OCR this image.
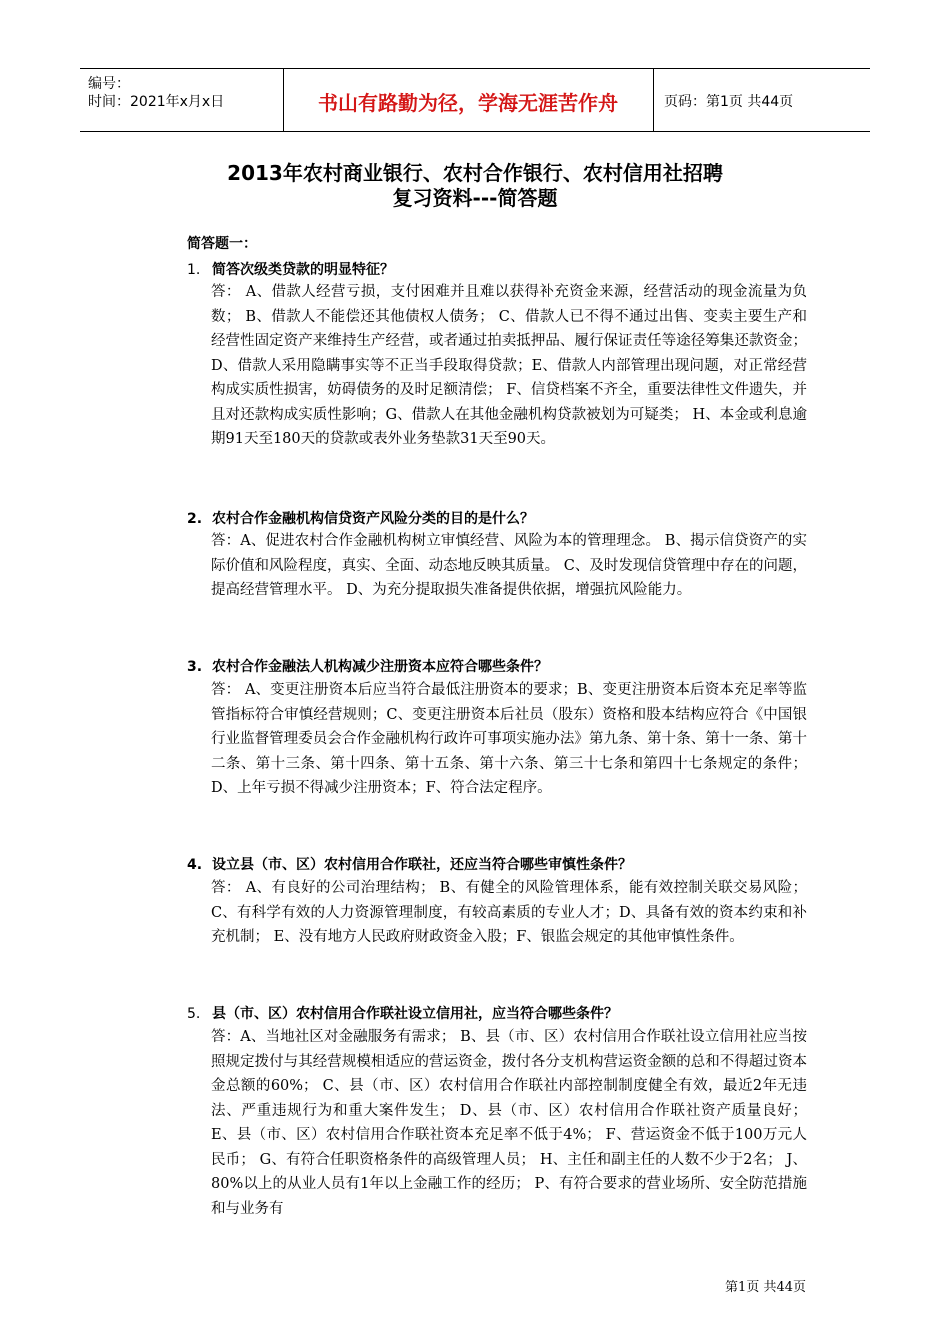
编号：
时间：2021年x月x日	书山有路勤为径，学海无涯苦作舟	页码：第1页 共44页
2013年农村商业银行、农村合作银行、农村信用社招聘
复习资料---简答题
简答题一：
1. 简答次级类贷款的明显特征？
答： A、借款人经营亏损，支付困难并且难以获得补充资金来源，经营活动的现金流量为负数； B、借款人不能偿还其他债权人债务； C、借款人已不得不通过出售、变卖主要生产和经营性固定资产来维持生产经营，或者通过拍卖抵押品、履行保证责任等途径筹集还款资金；D、借款人采用隐瞒事实等不正当手段取得贷款；E、借款人内部管理出现问题，对正常经营构成实质性损害，妨碍债务的及时足额清偿； F、信贷档案不齐全，重要法律性文件遗失，并且对还款构成实质性影响；G、借款人在其他金融机构贷款被划为可疑类； H、本金或利息逾期91天至180天的贷款或表外业务垫款31天至90天。
2. 农村合作金融机构信贷资产风险分类的目的是什么？
答：A、促进农村合作金融机构树立审慎经营、风险为本的管理理念。 B、揭示信贷资产的实际价值和风险程度，真实、全面、动态地反映其质量。 C、及时发现信贷管理中存在的问题，提高经营管理水平。 D、为充分提取损失准备提供依据，增强抗风险能力。
3. 农村合作金融法人机构减少注册资本应符合哪些条件？
答： A、变更注册资本后应当符合最低注册资本的要求；B、变更注册资本后资本充足率等监管指标符合审慎经营规则；C、变更注册资本后社员（股东）资格和股本结构应符合《中国银行业监督管理委员会合作金融机构行政许可事项实施办法》第九条、第十条、第十一条、第十二条、第十三条、第十四条、第十五条、第十六条、第三十七条和第四十七条规定的条件；D、上年亏损不得减少注册资本；F、符合法定程序。
4. 设立县（市、区）农村信用合作联社，还应当符合哪些审慎性条件？
答： A、有良好的公司治理结构； B、有健全的风险管理体系，能有效控制关联交易风险； C、有科学有效的人力资源管理制度，有较高素质的专业人才；D、具备有效的资本约束和补充机制； E、没有地方人民政府财政资金入股；F、银监会规定的其他审慎性条件。
5. 县（市、区）农村信用合作联社设立信用社，应当符合哪些条件？
答：A、当地社区对金融服务有需求； B、县（市、区）农村信用合作联社设立信用社应当按照规定拨付与其经营规模相适应的营运资金，拨付各分支机构营运资金额的总和不得超过资本金总额的60%； C、县（市、区）农村信用合作联社内部控制制度健全有效，最近2年无违法、严重违规行为和重大案件发生； D、县（市、区）农村信用合作联社资产质量良好； E、县（市、区）农村信用合作联社资本充足率不低于4%； F、营运资金不低于100万元人民币； G、有符合任职资格条件的高级管理人员； H、主任和副主任的人数不少于2名； J、80%以上的从业人员有1年以上金融工作的经历； P、有符合要求的营业场所、安全防范措施和与业务有
第1页 共44页
